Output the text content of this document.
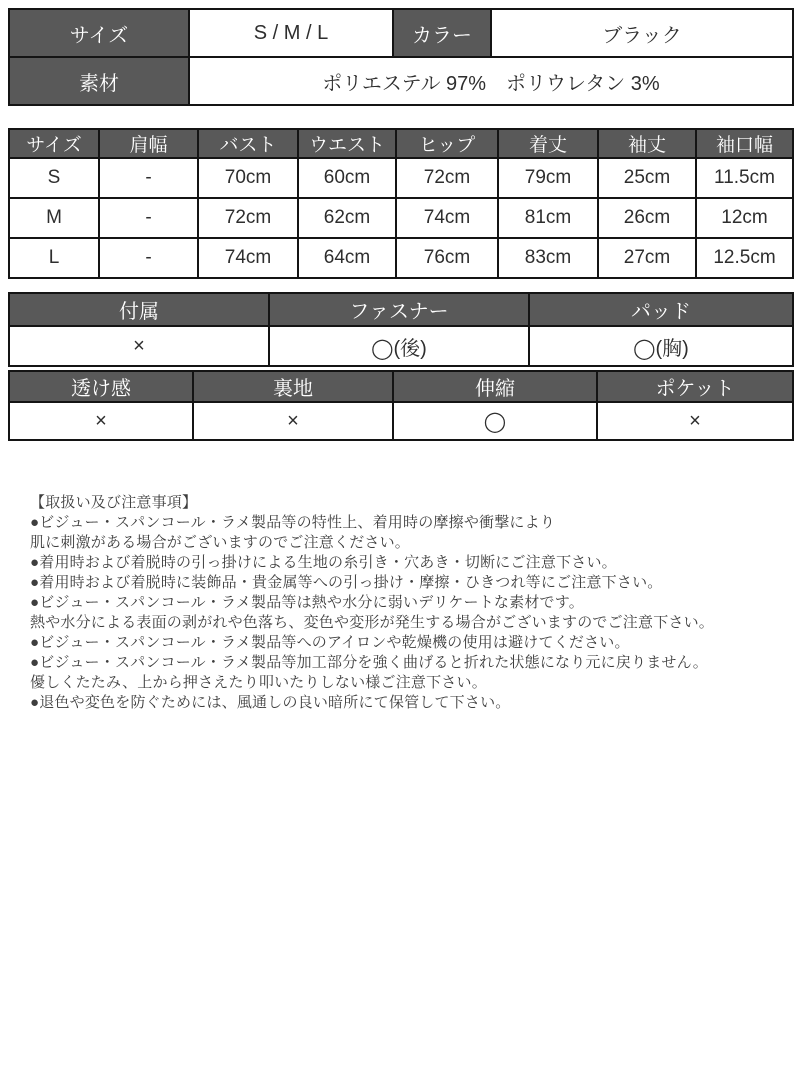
サイズ	S / M / L	カラー	ブラック
素材	ポリエステル 97%　ポリウレタン 3%		
サイズ	肩幅	バスト	ウエスト	ヒップ	着丈	袖丈	袖口幅
S	-	70cm	60cm	72cm	79cm	25cm	11.5cm
M	-	72cm	62cm	74cm	81cm	26cm	12cm
L	-	74cm	64cm	76cm	83cm	27cm	12.5cm
付属	ファスナー	パッド
×	◯(後)	◯(胸)
透け感	裏地	伸縮	ポケット
×	×	◯	×
【取扱い及び注意事項】
●ビジュー・スパンコール・ラメ製品等の特性上、着用時の摩擦や衝撃により
肌に刺激がある場合がございますのでご注意ください。
●着用時および着脱時の引っ掛けによる生地の糸引き・穴あき・切断にご注意下さい。
●着用時および着脱時に装飾品・貴金属等への引っ掛け・摩擦・ひきつれ等にご注意下さい。
●ビジュー・スパンコール・ラメ製品等は熱や水分に弱いデリケートな素材です。
熱や水分による表面の剥がれや色落ち、変色や変形が発生する場合がございますのでご注意下さい。
●ビジュー・スパンコール・ラメ製品等へのアイロンや乾燥機の使用は避けてください。
●ビジュー・スパンコール・ラメ製品等加工部分を強く曲げると折れた状態になり元に戻りません。
優しくたたみ、上から押さえたり叩いたりしない様ご注意下さい。
●退色や変色を防ぐためには、風通しの良い暗所にて保管して下さい。
